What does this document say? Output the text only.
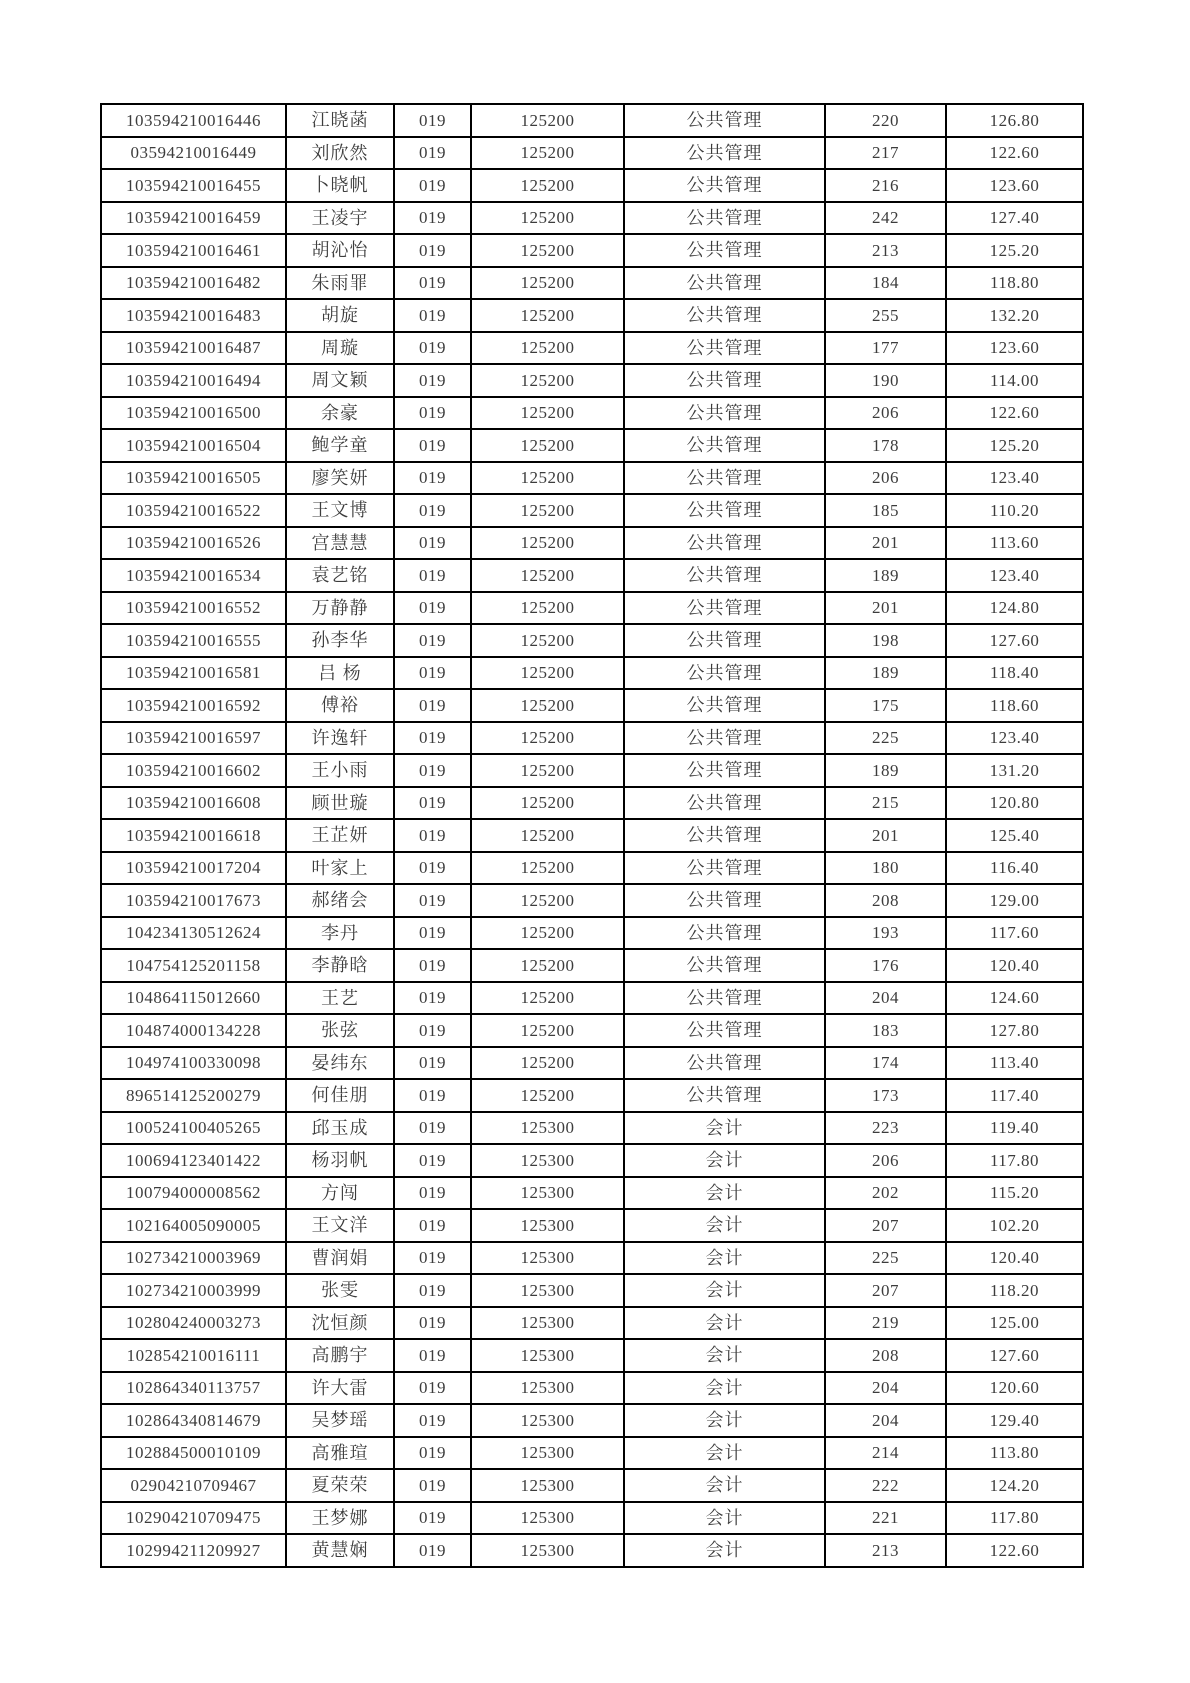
103594210016446	江晓菡	019	125200	公共管理	220	126.80
03594210016449	刘欣然	019	125200	公共管理	217	122.60
103594210016455	卜晓帆	019	125200	公共管理	216	123.60
103594210016459	王凌宇	019	125200	公共管理	242	127.40
103594210016461	胡沁怡	019	125200	公共管理	213	125.20
103594210016482	朱雨罪	019	125200	公共管理	184	118.80
103594210016483	胡旋	019	125200	公共管理	255	132.20
103594210016487	周璇	019	125200	公共管理	177	123.60
103594210016494	周文颖	019	125200	公共管理	190	114.00
103594210016500	余豪	019	125200	公共管理	206	122.60
103594210016504	鲍学童	019	125200	公共管理	178	125.20
103594210016505	廖笑妍	019	125200	公共管理	206	123.40
103594210016522	王文博	019	125200	公共管理	185	110.20
103594210016526	宫慧慧	019	125200	公共管理	201	113.60
103594210016534	袁艺铭	019	125200	公共管理	189	123.40
103594210016552	万静静	019	125200	公共管理	201	124.80
103594210016555	孙李华	019	125200	公共管理	198	127.60
103594210016581	吕 杨	019	125200	公共管理	189	118.40
103594210016592	傅裕	019	125200	公共管理	175	118.60
103594210016597	许逸轩	019	125200	公共管理	225	123.40
103594210016602	王小雨	019	125200	公共管理	189	131.20
103594210016608	顾世璇	019	125200	公共管理	215	120.80
103594210016618	王芷妍	019	125200	公共管理	201	125.40
103594210017204	叶家上	019	125200	公共管理	180	116.40
103594210017673	郝绪会	019	125200	公共管理	208	129.00
104234130512624	李丹	019	125200	公共管理	193	117.60
104754125201158	李静晗	019	125200	公共管理	176	120.40
104864115012660	王艺	019	125200	公共管理	204	124.60
104874000134228	张弦	019	125200	公共管理	183	127.80
104974100330098	晏纬东	019	125200	公共管理	174	113.40
896514125200279	何佳朋	019	125200	公共管理	173	117.40
100524100405265	邱玉成	019	125300	会计	223	119.40
100694123401422	杨羽帆	019	125300	会计	206	117.80
100794000008562	方闯	019	125300	会计	202	115.20
102164005090005	王文洋	019	125300	会计	207	102.20
102734210003969	曹润娟	019	125300	会计	225	120.40
102734210003999	张雯	019	125300	会计	207	118.20
102804240003273	沈恒颜	019	125300	会计	219	125.00
102854210016111	高鹏宇	019	125300	会计	208	127.60
102864340113757	许大雷	019	125300	会计	204	120.60
102864340814679	吴梦瑶	019	125300	会计	204	129.40
102884500010109	高雅瑄	019	125300	会计	214	113.80
02904210709467	夏荣荣	019	125300	会计	222	124.20
102904210709475	王梦娜	019	125300	会计	221	117.80
102994211209927	黄慧娴	019	125300	会计	213	122.60
